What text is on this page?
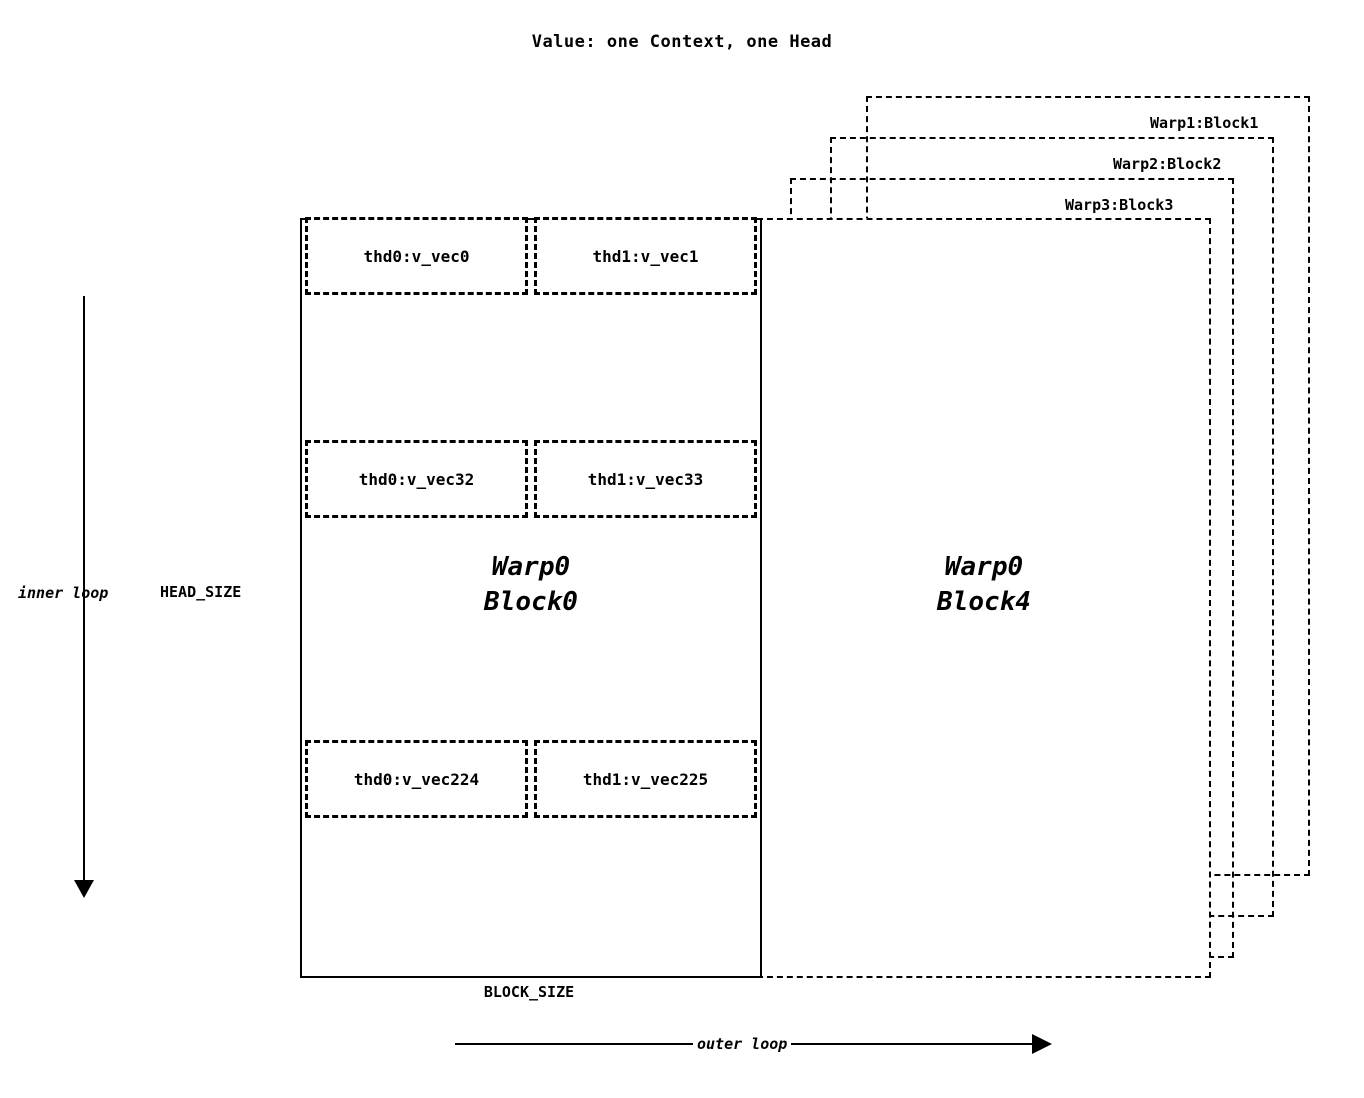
Value: one Context, one Head
Warp1:Block1
Warp2:Block2
Warp3:Block3
Warp0
Block4
thd0:v_vec0	thd1:v_vec1
thd0:v_vec32	thd1:v_vec33
Warp0
Block0
thd0:v_vec224	thd1:v_vec225
inner loop	HEAD_SIZE
BLOCK_SIZE
outer loop
